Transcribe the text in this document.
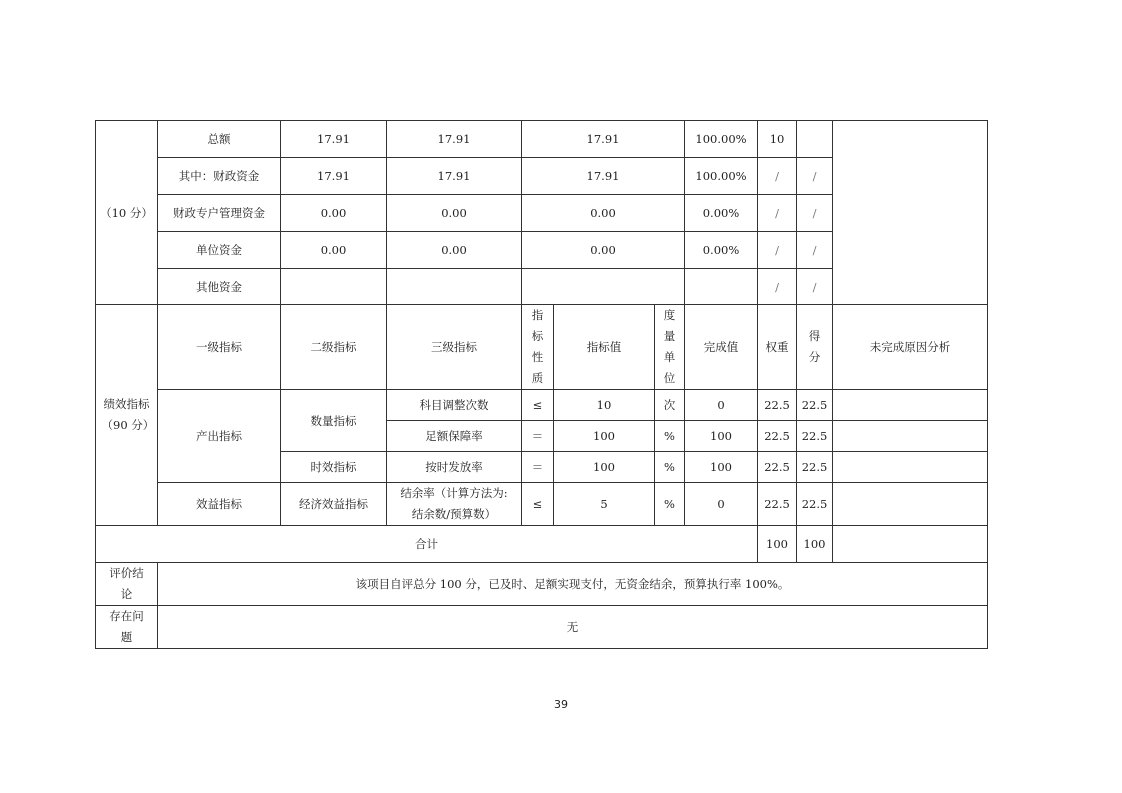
（10 分）	总额	17.91	17.91	17.91			100.00%	10		
	其中：财政资金	17.91	17.91	17.91			100.00%	/	/	
	财政专户管理资金	0.00	0.00	0.00			0.00%	/	/	
	单位资金	0.00	0.00	0.00			0.00%	/	/	
	其他资金							/	/	
绩效指标（90 分）	一级指标	二级指标	三级指标	指标性质	指标值	度量单位	完成值	权重	得分	未完成原因分析
	产出指标	数量指标	科目调整次数	≤	10	次	0	22.5	22.5	
			足额保障率	＝	100	%	100	22.5	22.5	
		时效指标	按时发放率	＝	100	%	100	22.5	22.5	
	效益指标	经济效益指标	结余率（计算方法为: 结余数/预算数）	≤	5	%	0	22.5	22.5	
合计								100	100	
评价结论	该项目自评总分 100 分，已及时、足额实现支付，无资金结余，预算执行率 100%。									
存在问题	无									
39
